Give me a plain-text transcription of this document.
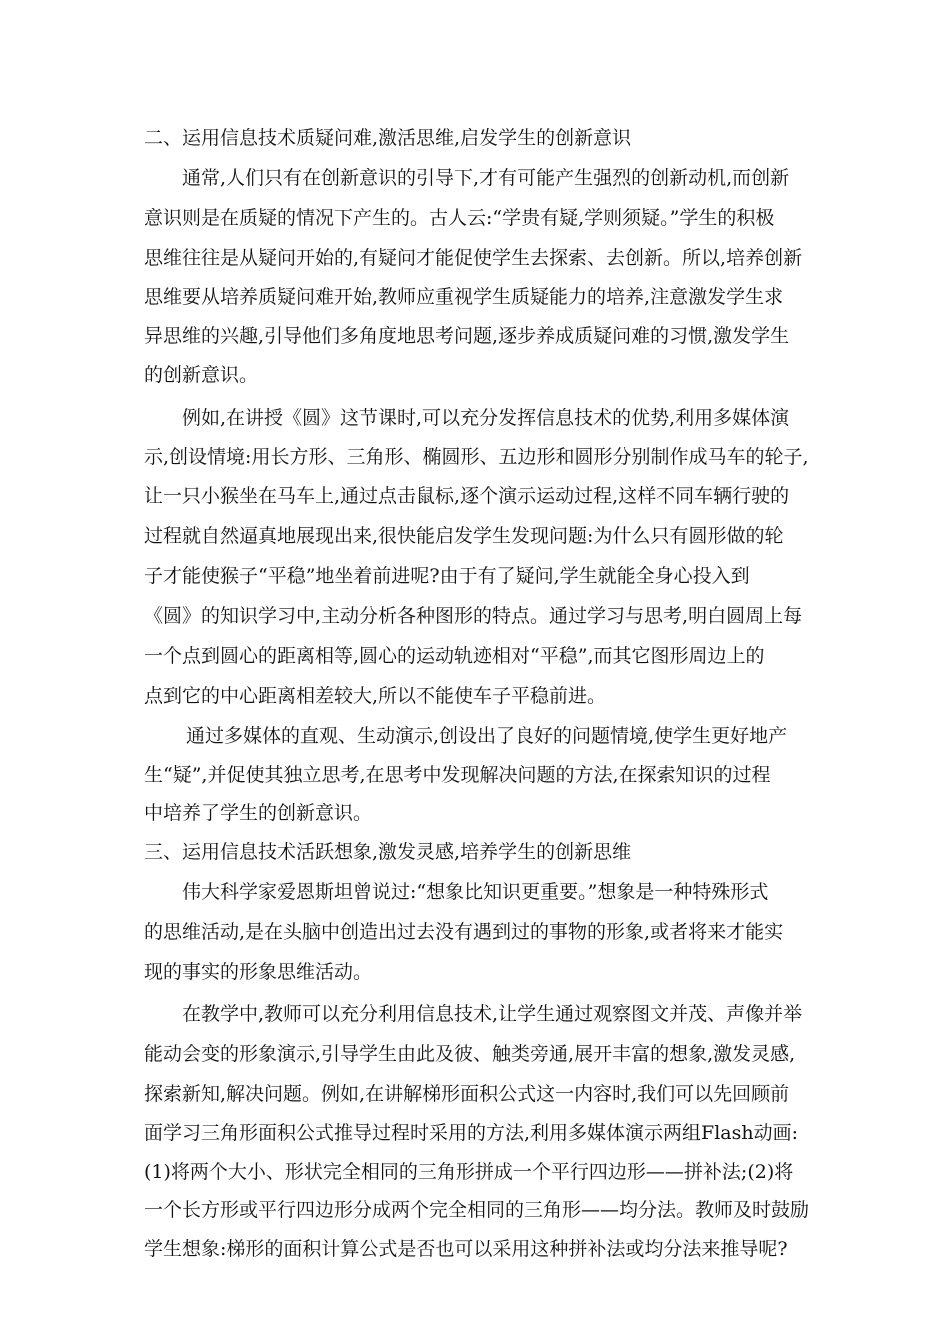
二、运用信息技术质疑问难,激活思维,启发学生的创新意识
通常,人们只有在创新意识的引导下,才有可能产生强烈的创新动机,而创新
意识则是在质疑的情况下产生的。古人云:“学贵有疑,学则须疑。”学生的积极
思维往往是从疑问开始的,有疑问才能促使学生去探索、去创新。所以,培养创新
思维要从培养质疑问难开始,教师应重视学生质疑能力的培养,注意激发学生求
异思维的兴趣,引导他们多角度地思考问题,逐步养成质疑问难的习惯,激发学生
的创新意识。
例如,在讲授《圆》这节课时,可以充分发挥信息技术的优势,利用多媒体演
示,创设情境:用长方形、三角形、椭圆形、五边形和圆形分别制作成马车的轮子,
让一只小猴坐在马车上,通过点击鼠标,逐个演示运动过程,这样不同车辆行驶的
过程就自然逼真地展现出来,很快能启发学生发现问题:为什么只有圆形做的轮
子才能使猴子“平稳”地坐着前进呢?由于有了疑问,学生就能全身心投入到
《圆》的知识学习中,主动分析各种图形的特点。通过学习与思考,明白圆周上每
一个点到圆心的距离相等,圆心的运动轨迹相对“平稳”,而其它图形周边上的
点到它的中心距离相差较大,所以不能使车子平稳前进。
通过多媒体的直观、生动演示,创设出了良好的问题情境,使学生更好地产
生“疑”,并促使其独立思考,在思考中发现解决问题的方法,在探索知识的过程
中培养了学生的创新意识。
三、运用信息技术活跃想象,激发灵感,培养学生的创新思维
伟大科学家爱恩斯坦曾说过:“想象比知识更重要。”想象是一种特殊形式
的思维活动,是在头脑中创造出过去没有遇到过的事物的形象,或者将来才能实
现的事实的形象思维活动。
在教学中,教师可以充分利用信息技术,让学生通过观察图文并茂、声像并举
能动会变的形象演示,引导学生由此及彼、触类旁通,展开丰富的想象,激发灵感,
探索新知,解决问题。例如,在讲解梯形面积公式这一内容时,我们可以先回顾前
面学习三角形面积公式推导过程时采用的方法,利用多媒体演示两组Flash动画:
(1)将两个大小、形状完全相同的三角形拼成一个平行四边形——拼补法;(2)将
一个长方形或平行四边形分成两个完全相同的三角形——均分法。教师及时鼓励
学生想象:梯形的面积计算公式是否也可以采用这种拼补法或均分法来推导呢?
